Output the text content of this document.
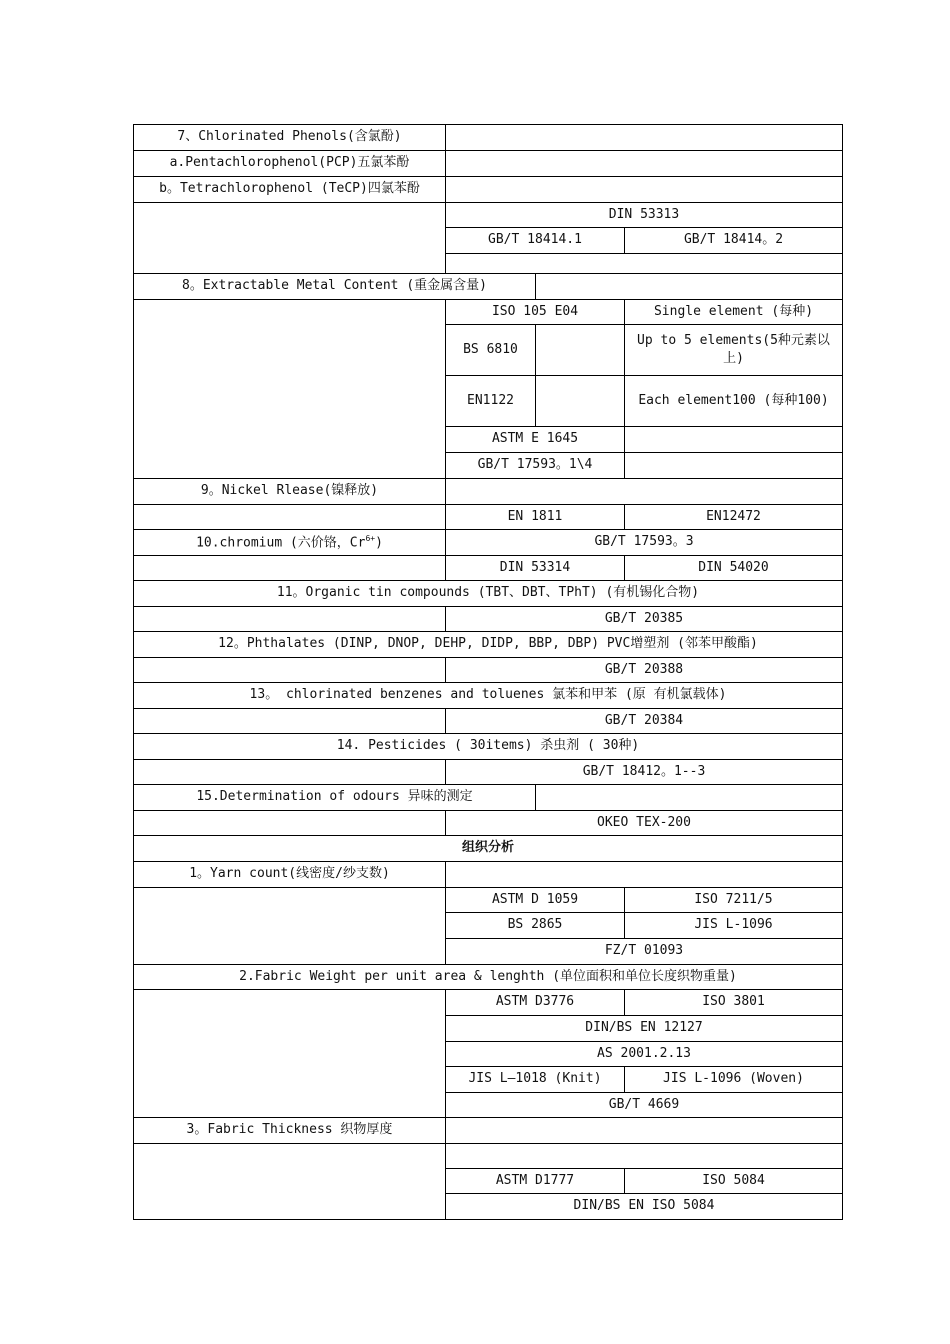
7、Chlorinated Phenols(含氯酚)			
a.Pentachlorophenol(PCP)五氯苯酚			
b。Tetrachlorophenol (TeCP)四氯苯酚			
	DIN 53313		
	GB/T 18414.1		GB/T 18414。2

8。Extractable Metal Content (重金属含量)			
	ISO 105 E04		Single element (每种)
	BS 6810		Up to 5 elements(5种元素以上)
	EN1122		Each element100 (每种100)
	ASTM E 1645		
	GB/T 17593。1\4		
9。Nickel Rlease(镍释放)			
	EN 1811		EN12472
10.chromium (六价铬，$Cr^{6+}$)	GB/T 17593。3		
	DIN 53314		DIN 54020
11。Organic tin compounds (TBT、DBT、TPhT) (有机锡化合物)			
	GB/T 20385		
12。Phthalates (DINP, DNOP, DEHP, DIDP, BBP, DBP) PVC增塑剂 (邻苯甲酸酯)			
	GB/T 20388		
13。 chlorinated benzenes and toluenes 氯苯和甲苯 (原 有机氯载体)			
	GB/T 20384		
14. Pesticides ( 30items) 杀虫剂 ( 30种)			
	GB/T 18412。1--3		
15.Determination of odours 异味的测定			
	OKEO TEX-200		
组织分析			
1。Yarn count(线密度/纱支数)			
	ASTM D 1059		ISO 7211/5
	BS 2865		JIS L-1096
	FZ/T 01093		
2.Fabric Weight per unit area & lenghth (单位面积和单位长度织物重量)			
	ASTM D3776		ISO 3801
	DIN/BS EN 12127		
	AS 2001.2.13		
	JIS L—1018 (Knit)		JIS L-1096 (Woven)
	GB/T 4669		
3。Fabric Thickness 织物厚度			

	ASTM D1777		ISO 5084
	DIN/BS EN ISO 5084		
